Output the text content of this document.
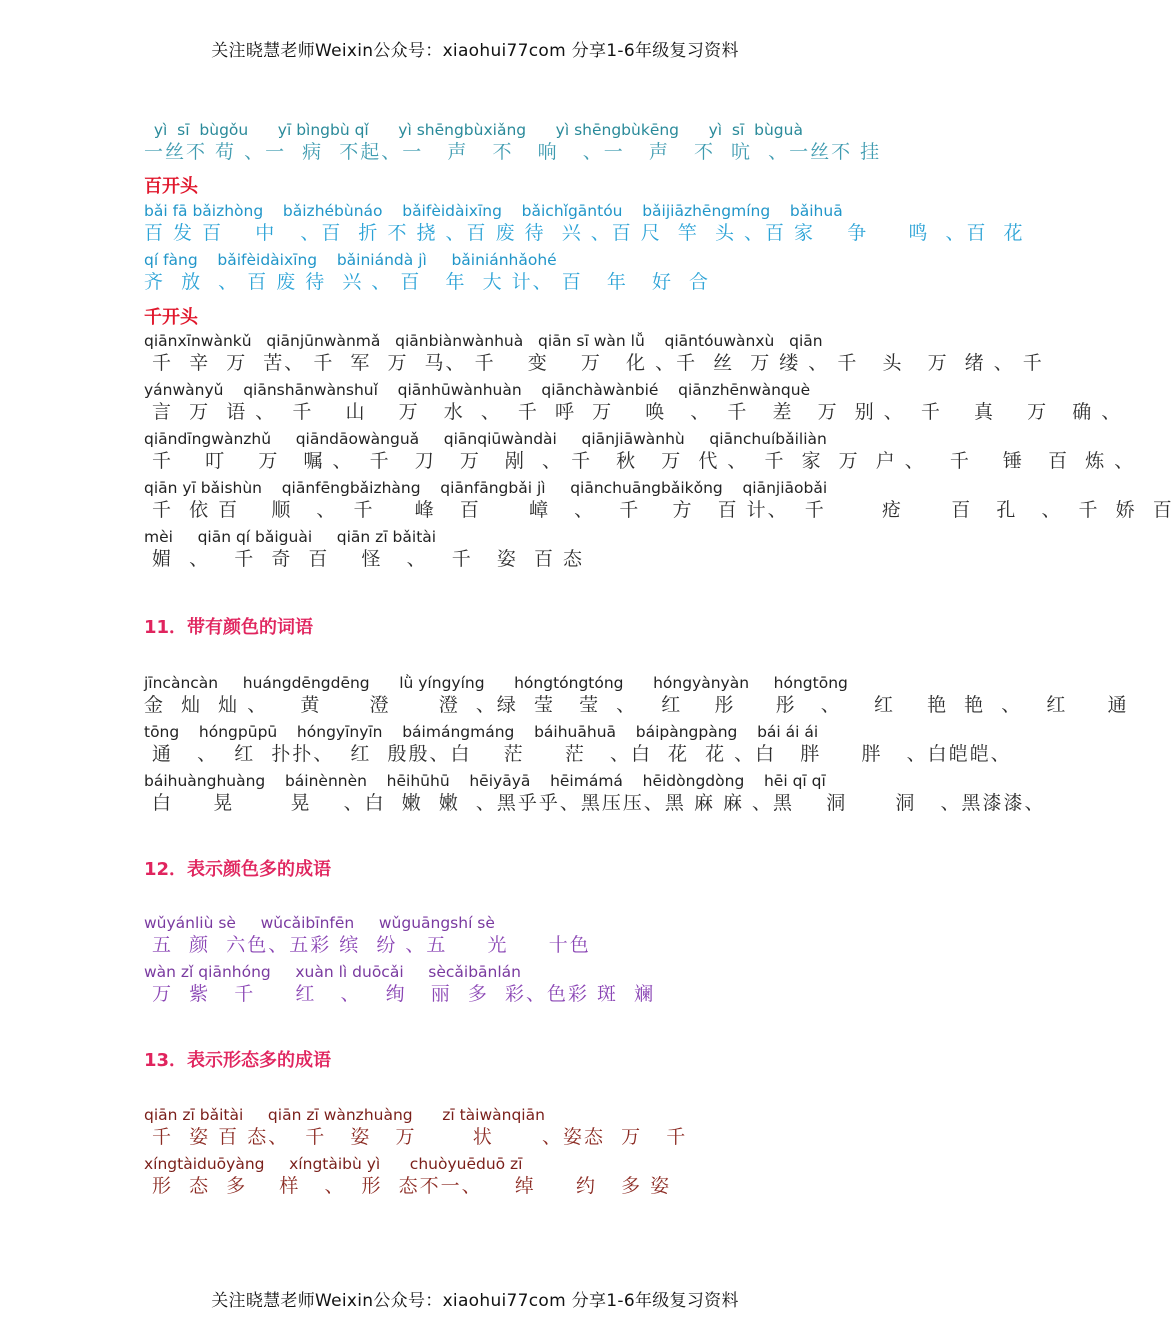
关注晓慧老师Weixin公众号：xiaohui77com 分享1-6年级复习资料
yì  sī  bùgǒu      yī bìngbù qǐ      yì shēngbùxiǎng      yì shēngbùkēng      yì  sī  bùguà
一丝不 苟 、一  病  不起、一   声   不   响   、一   声   不  吭  、一丝不 挂
百开头
bǎi fā bǎizhòng    bǎizhébùnáo    bǎifèidàixīng    bǎichǐgāntóu    bǎijiāzhēngmíng    bǎihuā
百 发 百    中   、百  折 不 挠 、百 废 待  兴 、百 尺  竿  头 、百 家    争     鸣  、百  花
qí fàng    bǎifèidàixīng    bǎiniándà jì     bǎiniánhǎohé
齐  放  、 百 废 待  兴 、 百   年  大 计、 百   年   好  合
千开头
qiānxīnwànkǔ   qiānjūnwànmǎ   qiānbiànwànhuà   qiān sī wàn lǚ    qiāntóuwànxù   qiān
千  辛  万  苦、 千  军  万  马、 千    变    万   化 、千  丝  万 缕 、 千   头   万  绪 、 千
yánwànyǔ    qiānshānwànshuǐ    qiānhūwànhuàn    qiānchàwànbié    qiānzhēnwànquè
言  万  语 、  千    山    万   水  、  千  呼  万    唤   、  千   差   万  别 、  千    真    万   确 、
qiāndīngwànzhǔ     qiāndāowànguǎ     qiānqiūwàndài     qiānjiāwànhù     qiānchuíbǎiliàn
千    叮    万   嘱 、  千   刀   万   剐  、 千   秋   万  代 、  千  家  万  户 、   千    锤   百  炼 、
qiān yī bǎishùn    qiānfēngbǎizhàng    qiānfāngbǎi jì     qiānchuāngbǎikǒng    qiānjiāobǎi
千  依 百    顺   、  千     峰   百      嶂   、   千    方   百 计、  千       疮      百   孔   、  千  娇  百
mèi     qiān qí bǎiguài     qiān zī bǎitài
媚  、   千  奇  百    怪   、   千   姿  百 态
11．带有颜色的词语
jīncàncàn     huángdēngdēng      lǜ yíngyíng      hóngtóngtóng      hóngyànyàn     hóngtōng
金  灿  灿 、    黄      澄      澄  、绿  莹   莹  、   红    彤     彤   、    红    艳  艳  、   红     通
tōng    hóngpūpū    hóngyīnyīn    báimángmáng    báihuāhuā    báipàngpàng    bái ái ái
通   、  红  扑扑、  红  殷殷、白    茫     茫   、白  花  花 、白   胖     胖   、白皑皑、
báihuànghuàng    báinènnèn    hēihūhū    hēiyāyā    hēimámá    hēidòngdòng    hēi qī qī
白     晃       晃    、白  嫩  嫩  、黑乎乎、黑压压、黑 麻 麻 、黑    洞      洞   、黑漆漆、
12．表示颜色多的成语
wǔyánliù sè     wǔcǎibīnfēn     wǔguāngshí sè
五  颜  六色、五彩 缤  纷 、五     光     十色
wàn zǐ qiānhóng     xuàn lì duōcǎi     sècǎibānlán
万  紫   千     红   、   绚   丽  多  彩、色彩 斑  斓
13．表示形态多的成语
qiān zī bǎitài     qiān zī wànzhuàng      zī tàiwànqiān
千  姿 百 态、  千   姿   万       状      、姿态  万   千
xíngtàiduōyàng     xíngtàibù yì      chuòyuēduō zī
形  态  多    样   、  形  态不一、    绰     约   多 姿
关注晓慧老师Weixin公众号：xiaohui77com 分享1-6年级复习资料
